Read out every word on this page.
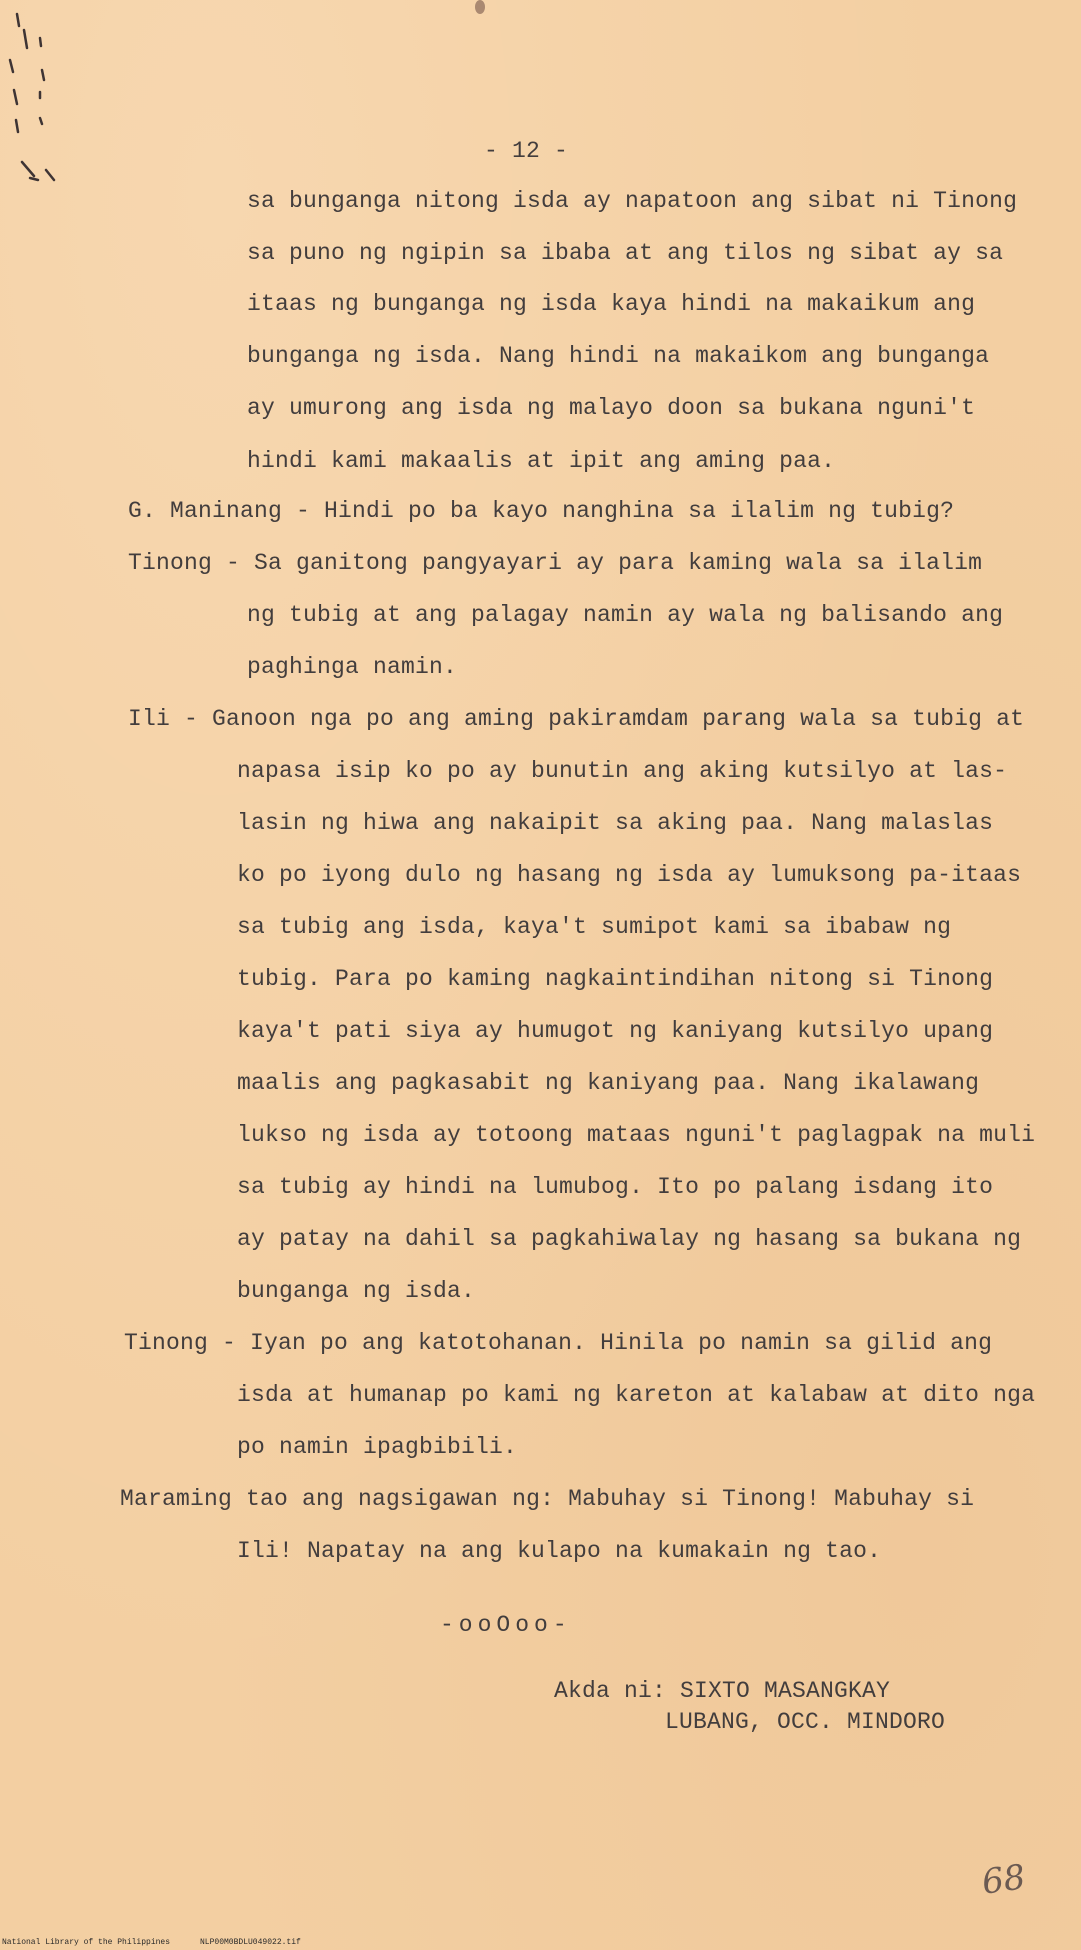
- 12 -
sa bunganga nitong isda ay napatoon ang sibat ni Tinong
sa puno ng ngipin sa ibaba at ang tilos ng sibat ay sa
itaas ng bunganga ng isda kaya hindi na makaikum ang
bunganga ng isda. Nang hindi na makaikom ang bunganga
ay umurong ang isda ng malayo doon sa bukana nguni't
hindi kami makaalis at ipit ang aming paa.
G. Maninang - Hindi po ba kayo nanghina sa ilalim ng tubig?
Tinong - Sa ganitong pangyayari ay para kaming wala sa ilalim
ng tubig at ang palagay namin ay wala ng balisando ang
paghinga namin.
Ili - Ganoon nga po ang aming pakiramdam parang wala sa tubig at
napasa isip ko po ay bunutin ang aking kutsilyo at las-
lasin ng hiwa ang nakaipit sa aking paa. Nang malaslas
ko po iyong dulo ng hasang ng isda ay lumuksong pa-itaas
sa tubig ang isda, kaya't sumipot kami sa ibabaw ng
tubig. Para po kaming nagkaintindihan nitong si Tinong
kaya't pati siya ay humugot ng kaniyang kutsilyo upang
maalis ang pagkasabit ng kaniyang paa. Nang ikalawang
lukso ng isda ay totoong mataas nguni't paglagpak na muli
sa tubig ay hindi na lumubog. Ito po palang isdang ito
ay patay na dahil sa pagkahiwalay ng hasang sa bukana ng
bunganga ng isda.
Tinong - Iyan po ang katotohanan. Hinila po namin sa gilid ang
isda at humanap po kami ng kareton at kalabaw at dito nga
po namin ipagbibili.
Maraming tao ang nagsigawan ng: Mabuhay si Tinong! Mabuhay si
Ili! Napatay na ang kulapo na kumakain ng tao.
-ooOoo-
Akda ni: SIXTO MASANGKAY
LUBANG, OCC. MINDORO
68
National Library of the Philippines	NLP00M0BDLU049022.tif
